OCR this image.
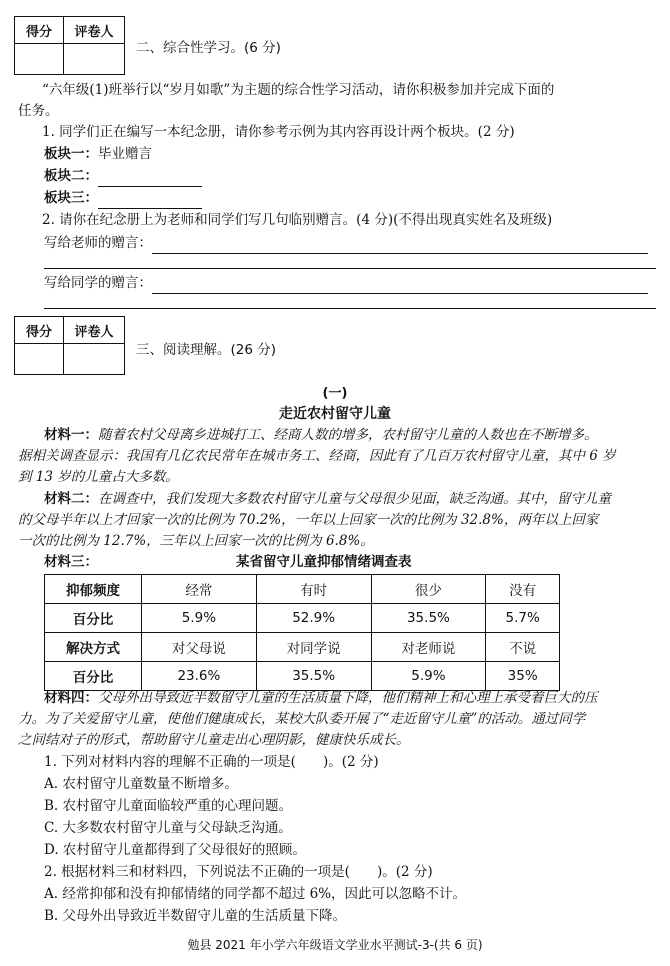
得分	评卷人

二、综合性学习。(6 分)
“六年级(1)班举行以“岁月如歌”为主题的综合性学习活动，请你积极参加并完成下面的
任务。
1. 同学们正在编写一本纪念册，请你参考示例为其内容再设计两个板块。(2 分)
板块一：毕业赠言
板块二：
板块三：
2. 请你在纪念册上为老师和同学们写几句临别赠言。(4 分)(不得出现真实姓名及班级)
写给老师的赠言：
写给同学的赠言：
得分	评卷人

三、阅读理解。(26 分)
(一)
走近农村留守儿童
材料一：随着农村父母离乡进城打工、经商人数的增多，农村留守儿童的人数也在不断增多。
据相关调查显示：我国有几亿农民常年在城市务工、经商，因此有了几百万农村留守儿童，其中 6 岁
到 13 岁的儿童占大多数。
材料二：在调查中，我们发现大多数农村留守儿童与父母很少见面，缺乏沟通。其中，留守儿童
的父母半年以上才回家一次的比例为 70.2%，一年以上回家一次的比例为 32.8%，两年以上回家
一次的比例为 12.7%，三年以上回家一次的比例为 6.8%。
材料三：	某省留守儿童抑郁情绪调查表
抑郁频度	经常	有时	很少	没有
百分比	5.9%	52.9%	35.5%	5.7%
解决方式	对父母说	对同学说	对老师说	不说
百分比	23.6%	35.5%	5.9%	35%
材料四：父母外出导致近半数留守儿童的生活质量下降，他们精神上和心理上承受着巨大的压
力。为了关爱留守儿童，使他们健康成长，某校大队委开展了“走近留守儿童”的活动。通过同学
之间结对子的形式，帮助留守儿童走出心理阴影，健康快乐成长。
1. 下列对材料内容的理解不正确的一项是(　　)。(2 分)
A. 农村留守儿童数量不断增多。
B. 农村留守儿童面临较严重的心理问题。
C. 大多数农村留守儿童与父母缺乏沟通。
D. 农村留守儿童都得到了父母很好的照顾。
2. 根据材料三和材料四，下列说法不正确的一项是(　　)。(2 分)
A. 经常抑郁和没有抑郁情绪的同学都不超过 6%，因此可以忽略不计。
B. 父母外出导致近半数留守儿童的生活质量下降。
勉县 2021 年小学六年级语文学业水平测试-3-(共 6 页)
